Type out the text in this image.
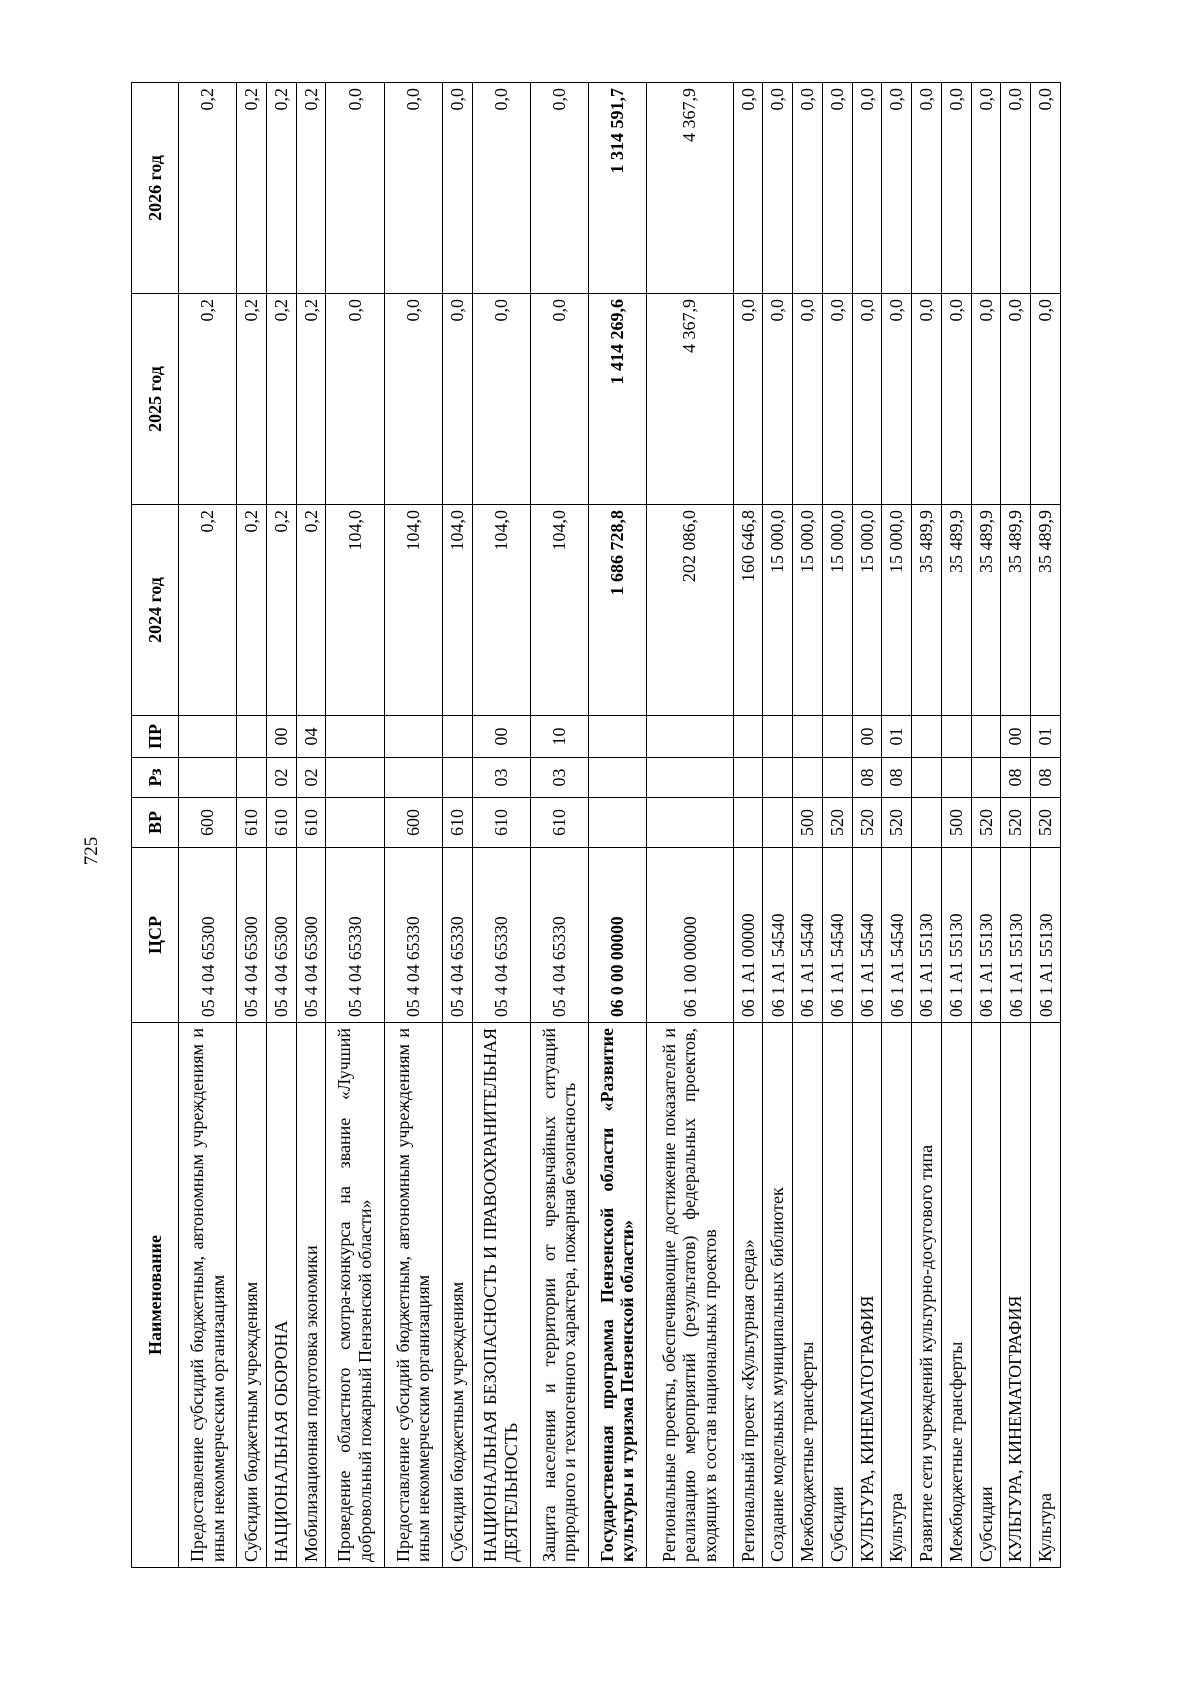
725
Наименование	ЦСР	ВР	Рз	ПР	2024 год	2025 год	2026 год
Предоставление субсидий бюджетным, автономным учреждениям и иным некоммерческим организациям	05 4 04 65300	600			0,2	0,2	0,2
Субсидии бюджетным учреждениям	05 4 04 65300	610			0,2	0,2	0,2
НАЦИОНАЛЬНАЯ ОБОРОНА	05 4 04 65300	610	02	00	0,2	0,2	0,2
Мобилизационная подготовка экономики	05 4 04 65300	610	02	04	0,2	0,2	0,2
Проведение областного смотра-конкурса на звание «Лучший добровольный пожарный Пензенской области»	05 4 04 65330				104,0	0,0	0,0
Предоставление субсидий бюджетным, автономным учреждениям и иным некоммерческим организациям	05 4 04 65330	600			104,0	0,0	0,0
Субсидии бюджетным учреждениям	05 4 04 65330	610			104,0	0,0	0,0
НАЦИОНАЛЬНАЯ БЕЗОПАСНОСТЬ И ПРАВООХРАНИТЕЛЬНАЯ ДЕЯТЕЛЬНОСТЬ	05 4 04 65330	610	03	00	104,0	0,0	0,0
Защита населения и территории от чрезвычайных ситуаций природного и техногенного характера, пожарная безопасность	05 4 04 65330	610	03	10	104,0	0,0	0,0
Государственная программа Пензенской области «Развитие культуры и туризма Пензенской области»	06 0 00 00000				1 686 728,8	1 414 269,6	1 314 591,7
Региональные проекты, обеспечивающие достижение показателей и реализацию мероприятий (результатов) федеральных проектов, входящих в состав национальных проектов	06 1 00 00000				202 086,0	4 367,9	4 367,9
Региональный проект «Культурная среда»	06 1 A1 00000				160 646,8	0,0	0,0
Создание модельных муниципальных библиотек	06 1 A1 54540				15 000,0	0,0	0,0
Межбюджетные трансферты	06 1 A1 54540	500			15 000,0	0,0	0,0
Субсидии	06 1 A1 54540	520			15 000,0	0,0	0,0
КУЛЬТУРА, КИНЕМАТОГРАФИЯ	06 1 A1 54540	520	08	00	15 000,0	0,0	0,0
Культура	06 1 A1 54540	520	08	01	15 000,0	0,0	0,0
Развитие сети учреждений культурно-досугового типа	06 1 A1 55130				35 489,9	0,0	0,0
Межбюджетные трансферты	06 1 A1 55130	500			35 489,9	0,0	0,0
Субсидии	06 1 A1 55130	520			35 489,9	0,0	0,0
КУЛЬТУРА, КИНЕМАТОГРАФИЯ	06 1 A1 55130	520	08	00	35 489,9	0,0	0,0
Культура	06 1 A1 55130	520	08	01	35 489,9	0,0	0,0
